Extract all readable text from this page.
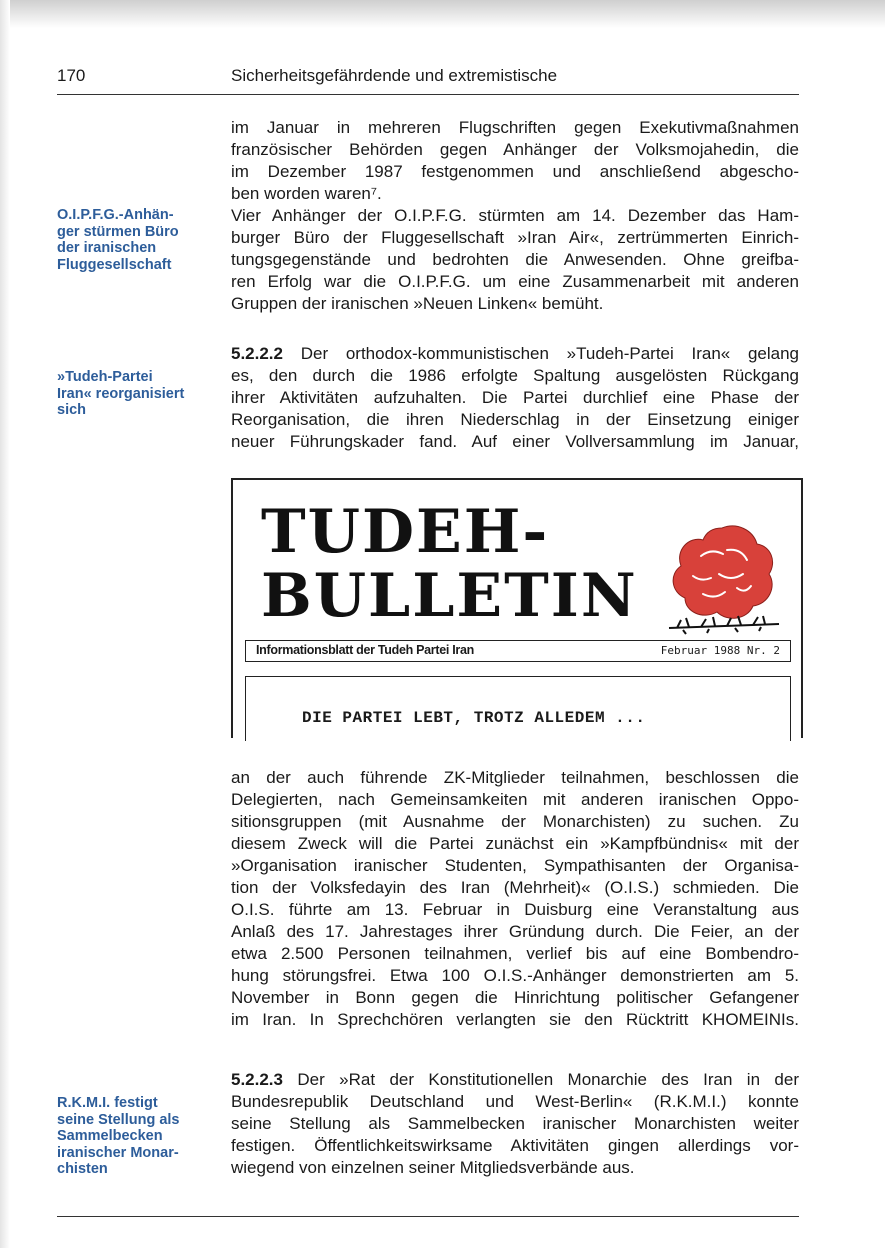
170	Sicherheitsgefährdende und extremistische
O.I.P.F.G.-Anhän-
ger stürmen Büro
der iranischen
Fluggesellschaft
»Tudeh-Partei
Iran« reorganisiert
sich
R.K.M.I. festigt
seine Stellung als
Sammelbecken
iranischer Monar-
chisten
im Januar in mehreren Flugschriften gegen Exekutivmaßnahmen
französischer Behörden gegen Anhänger der Volksmojahedin, die
im Dezember 1987 festgenommen und anschließend abgescho-
ben worden waren⁷.
Vier Anhänger der O.I.P.F.G. stürmten am 14. Dezember das Ham-
burger Büro der Fluggesellschaft »Iran Air«, zertrümmerten Einrich-
tungsgegenstände und bedrohten die Anwesenden. Ohne greifba-
ren Erfolg war die O.I.P.F.G. um eine Zusammenarbeit mit anderen
Gruppen der iranischen »Neuen Linken« bemüht.
5.2.2.2 Der orthodox-kommunistischen »Tudeh-Partei Iran« gelang
es, den durch die 1986 erfolgte Spaltung ausgelösten Rückgang
ihrer Aktivitäten aufzuhalten. Die Partei durchlief eine Phase der
Reorganisation, die ihren Niederschlag in der Einsetzung einiger
neuer Führungskader fand. Auf einer Vollversammlung im Januar,
TUDEH-
BULLETIN
Informationsblatt der Tudeh Partei Iran	Februar 1988 Nr. 2
DIE PARTEI LEBT, TROTZ ALLEDEM ...
an der auch führende ZK-Mitglieder teilnahmen, beschlossen die
Delegierten, nach Gemeinsamkeiten mit anderen iranischen Oppo-
sitionsgruppen (mit Ausnahme der Monarchisten) zu suchen. Zu
diesem Zweck will die Partei zunächst ein »Kampfbündnis« mit der
»Organisation iranischer Studenten, Sympathisanten der Organisa-
tion der Volksfedayin des Iran (Mehrheit)« (O.I.S.) schmieden. Die
O.I.S. führte am 13. Februar in Duisburg eine Veranstaltung aus
Anlaß des 17. Jahrestages ihrer Gründung durch. Die Feier, an der
etwa 2.500 Personen teilnahmen, verlief bis auf eine Bombendro-
hung störungsfrei. Etwa 100 O.I.S.-Anhänger demonstrierten am 5.
November in Bonn gegen die Hinrichtung politischer Gefangener
im Iran. In Sprechchören verlangten sie den Rücktritt KHOMEINIs.
5.2.2.3 Der »Rat der Konstitutionellen Monarchie des Iran in der
Bundesrepublik Deutschland und West-Berlin« (R.K.M.I.) konnte
seine Stellung als Sammelbecken iranischer Monarchisten weiter
festigen. Öffentlichkeitswirksame Aktivitäten gingen allerdings vor-
wiegend von einzelnen seiner Mitgliedsverbände aus.
